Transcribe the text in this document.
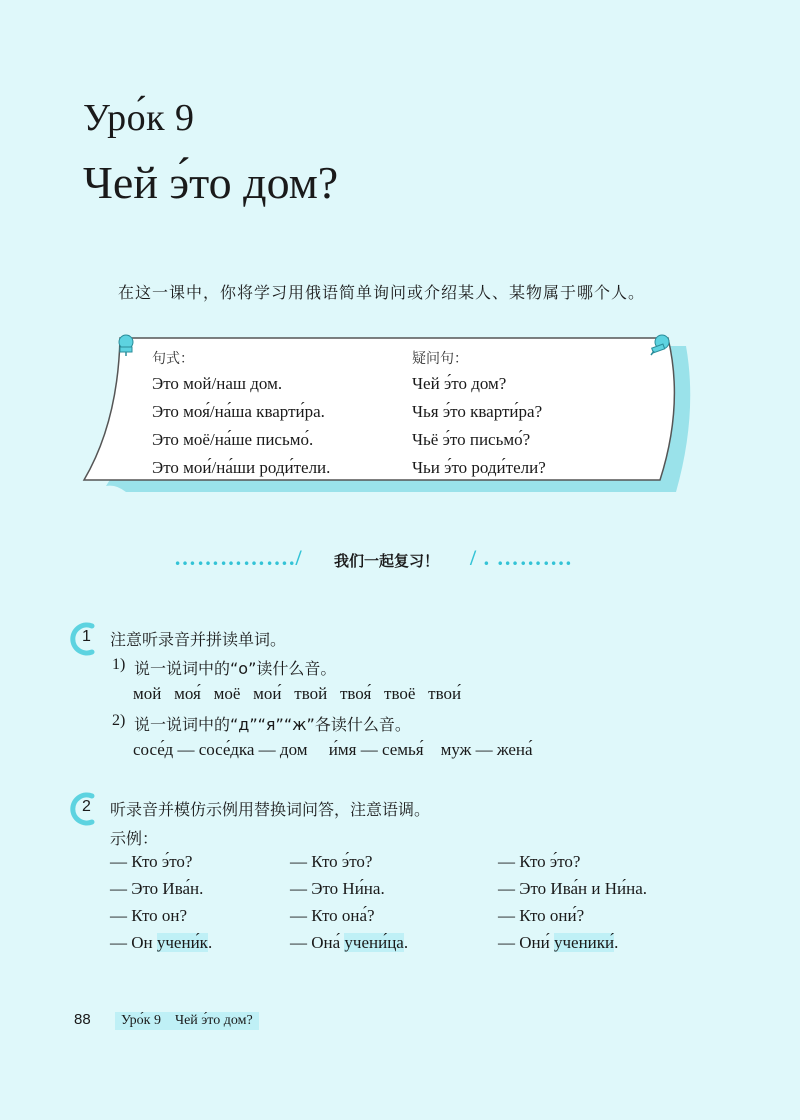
Уро́к 9
Чей э́то дом?
在这一课中，你将学习用俄语简单询问或介绍某人、某物属于哪个人。
句式：	疑问句：
Это мой/наш дом.
Это моя́/на́ша кварти́ра.
Это моё/на́ше письмо́.
Это мои́/на́ши роди́тели.
Чей э́то дом?
Чья э́то кварти́ра?
Чьё э́то письмо́?
Чьи э́то роди́тели?
……………./ 我们一起复习！ / . ……….
1 注意听录音并拼读单词。
1) 说一说词中的“о”读什么音。
мой   моя́   моё   мои́   твой   твоя́   твоё   твои́
2) 说一说词中的“д”“я”“ж”各读什么音。
сосе́д — сосе́дка — дом     и́мя — семья́    муж — жена́
2 听录音并模仿示例用替换词问答，注意语调。
示例：
— Кто э́то?
— Это Ива́н.
— Кто он?
— Он учени́к.
— Кто э́то?
— Это Ни́на.
— Кто она́?
— Она́ учени́ца.
— Кто э́то?
— Это Ива́н и Ни́на.
— Кто они́?
— Они́ ученики́.
88	Уро́к 9    Чей э́то дом?
